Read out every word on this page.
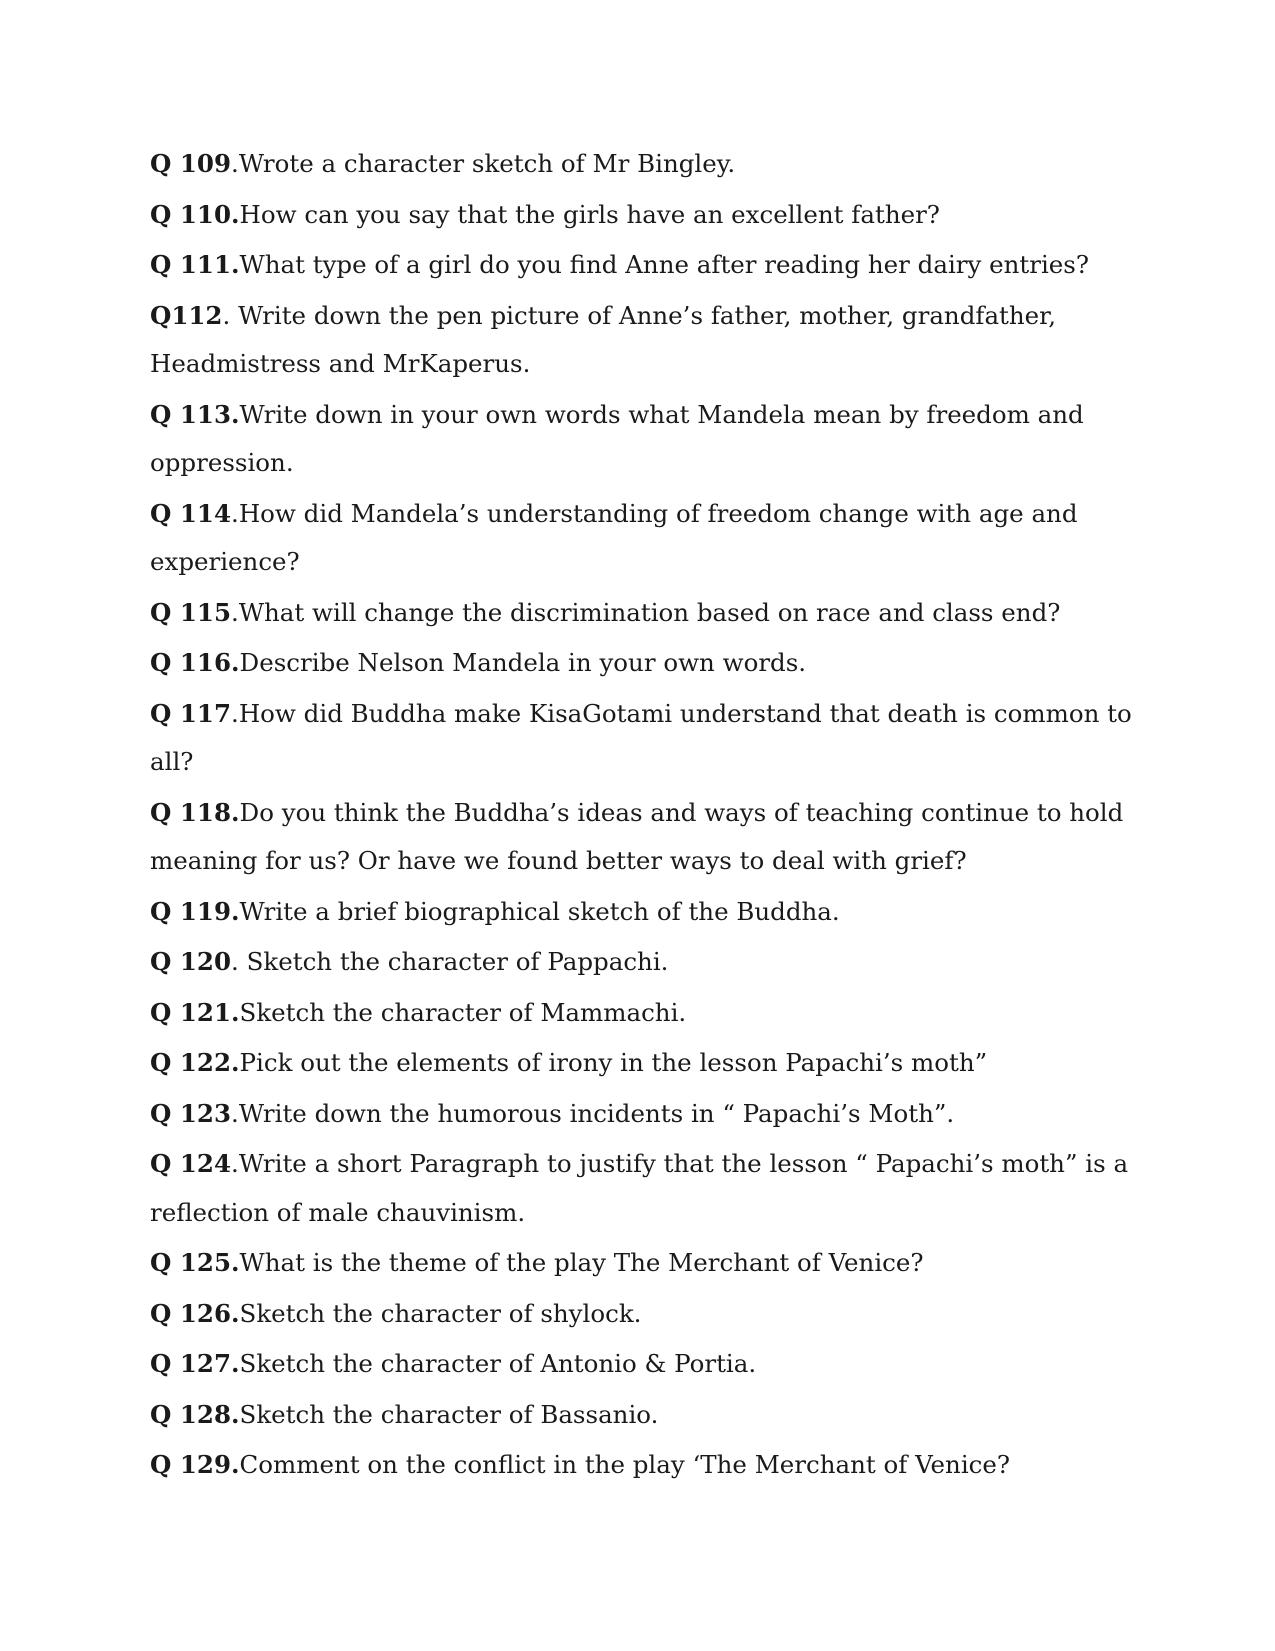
Q 109.Wrote a character sketch of Mr Bingley.

Q 110.How can you say that the girls have an excellent father?

Q 111.What type of a girl do you find Anne after reading her dairy entries?

Q112. Write down the pen picture of Anne’s father, mother, grandfather, Headmistress and MrKaperus.

Q 113.Write down in your own words what Mandela mean by freedom and oppression.

Q 114.How did Mandela’s understanding of freedom change with age and experience?

Q 115.What will change the discrimination based on race and class end?

Q 116.Describe Nelson Mandela in your own words.

Q 117.How did Buddha make KisaGotami understand that death is common to all?

Q 118.Do you think the Buddha’s ideas and ways of teaching continue to hold meaning for us? Or have we found better ways to deal with grief?

Q 119.Write a brief biographical sketch of the Buddha.

Q 120. Sketch the character of Pappachi.

Q 121.Sketch the character of Mammachi.

Q 122.Pick out the elements of irony in the lesson Papachi’s moth”

Q 123.Write down the humorous incidents in “ Papachi’s Moth”.

Q 124.Write a short Paragraph to justify that the lesson “ Papachi’s moth” is a reflection of male chauvinism.

Q 125.What is the theme of the play The Merchant of Venice?

Q 126.Sketch the character of shylock.

Q 127.Sketch the character of Antonio & Portia.

Q 128.Sketch the character of Bassanio.

Q 129.Comment on the conflict in the play ‘The Merchant of Venice?
